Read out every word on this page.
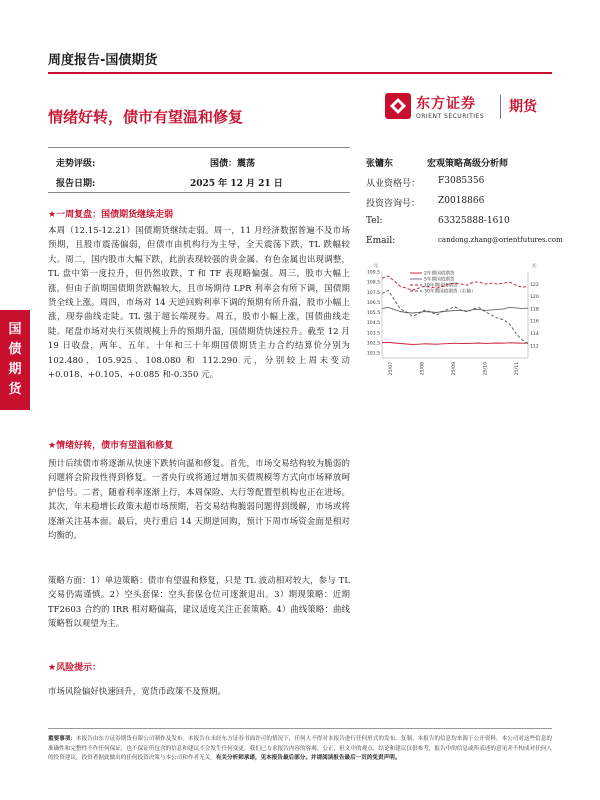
周度报告-国债期货
情绪好转，债市有望温和修复
东方证券
ORIENT SECURITIES
期货
走势评级:	国债：震荡
报告日期:	2025 年 12 月 21 日
国
债
期
货
★一周复盘：国债期货继续走弱
本周（12.15-12.21）国债期货继续走弱。周一，11 月经济数据普遍不及市场预期，且股市震荡偏弱，但债市由机构行为主导，全天震荡下跌，TL 跌幅较大。周二，国内股市大幅下跌，此前表现较强的贵金属、有色金属也出现调整，TL 盘中第一度拉升，但仍然收跌，T 和 TF 表现略偏强。周三，股市大幅上涨，但由于前期国债期货跌幅较大，且市场期待 LPR 利率会有所下调，国债期货全线上涨。周四，市场对 14 天逆回购利率下调的预期有所升温，股市小幅上涨，现券曲线走陡。TL 强于超长端现券。周五，股市小幅上涨，国债曲线走陡。尾盘市场对央行买债规模上升的预期升温，国债期货快速拉升。截至 12 月 19 日收盘，两年、五年、十年和三十年期国债期货主力合约结算价分别为 102.480、105.925、108.080 和 112.290 元，分别较上周末变动+0.018、+0.105、+0.085 和-0.350 元。
★情绪好转，债市有望温和修复
预计后续债市将逐渐从快速下跌转向温和修复。首先，市场交易结构较为脆弱的问题将会阶段性得到修复。一者央行或将通过增加买债规模等方式向市场释放呵护信号。二者，随着利率逐渐上行，本周保险、大行等配置型机构也正在进场。其次，年末稳增长政策未超市场预期，若交易结构脆弱问题得到缓解，市场或将逐渐关注基本面。最后，央行重启 14 天期逆回购，预计下周市场资金面是相对均衡的。
策略方面：1）单边策略：债市有望温和修复，只是 TL 波动相对较大，参与 TL 交易仍需谨慎。2）空头套保：空头套保仓位可逐渐退出。3）期现策略：近期 TF2603 合约的 IRR 相对略偏高，建议适度关注正套策略。4）曲线策略：曲线策略暂以观望为主。
★风险提示：
市场风险偏好快速回升，宽货币政策不及预期。
张镛东	宏观策略高级分析师
从业资格号： F3085356
投资咨询号： Z0018866
Tel:	63325888-1610
Email:	candong.zhang@orientfutures.com
元	元
109.5
108.5
107.5
106.5
105.5
104.5
103.5
102.5
101.5
122
120
118
116
114
112
25/07	25/08	25/09	25/10	25/11
2年期国债期货
5年期国债期货
10年期国债期货
30年期国债期货（右轴）
重要事项：本报告由东方证券期货有限公司制作及发布。本报告在未经东方证券书面许可的情况下，任何人不得对本报告进行任何形式的发布、复制。本报告的信息均来源于公开资料，本公司对这些信息的准确性和完整性不作任何保证，也不保证所包含的信息和建议不会发生任何变更。我们已力求报告内容的客观、公正，但文中的观点、结论和建议仅供参考，报告中的信息或所表述的意见并不构成对任何人的投资建议，投资者据此做出的任何投资决策与本公司和作者无关。有关分析师承诺，见本报告最后部分。并请阅读报告最后一页的免责声明。
